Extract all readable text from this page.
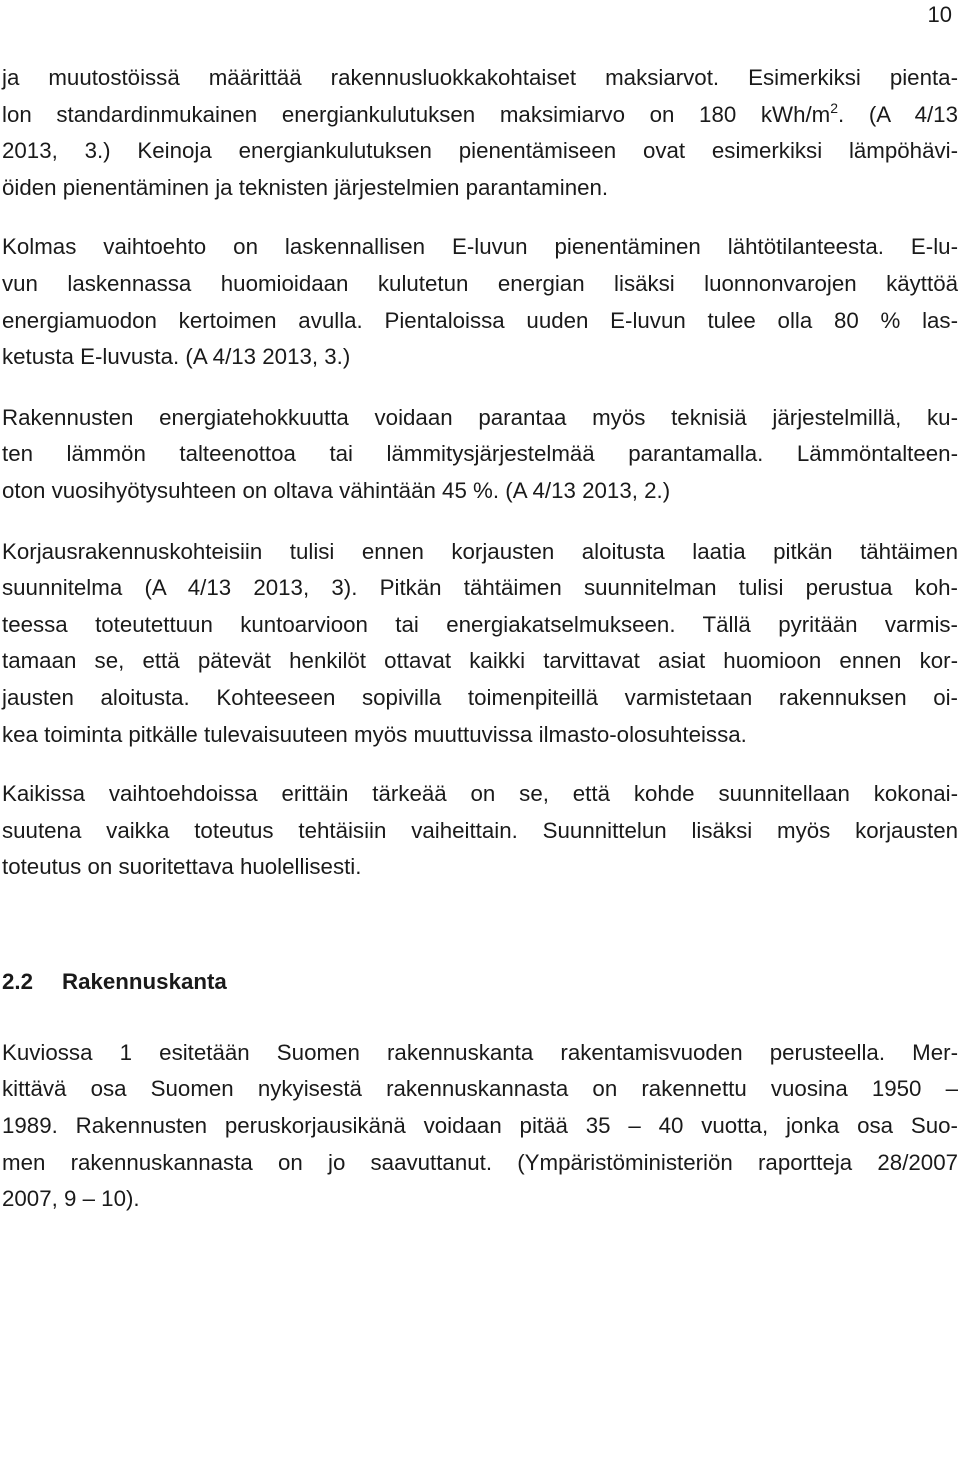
10

ja muutostöissä määrittää rakennusluokkakohtaiset maksiarvot. Esimerkiksi pienta-
lon standardinmukainen energiankulutuksen maksimiarvo on 180 kWh/$m^2$. (A 4/13
2013, 3.) Keinoja energiankulutuksen pienentämiseen ovat esimerkiksi lämpöhävi-
öiden pienentäminen ja teknisten järjestelmien parantaminen.

Kolmas vaihtoehto on laskennallisen E-luvun pienentäminen lähtötilanteesta. E-lu-
vun laskennassa huomioidaan kulutetun energian lisäksi luonnonvarojen käyttöä
energiamuodon kertoimen avulla. Pientaloissa uuden E-luvun tulee olla 80 % las-
ketusta E-luvusta. (A 4/13 2013, 3.)

Rakennusten energiatehokkuutta voidaan parantaa myös teknisiä järjestelmillä, ku-
ten lämmön talteenottoa tai lämmitysjärjestelmää parantamalla. Lämmöntalteen-
oton vuosihyötysuhteen on oltava vähintään 45 %. (A 4/13 2013, 2.)

Korjausrakennuskohteisiin tulisi ennen korjausten aloitusta laatia pitkän tähtäimen
suunnitelma (A 4/13 2013, 3). Pitkän tähtäimen suunnitelman tulisi perustua koh-
teessa toteutettuun kuntoarvioon tai energiakatselmukseen. Tällä pyritään varmis-
tamaan se, että pätevät henkilöt ottavat kaikki tarvittavat asiat huomioon ennen kor-
jausten aloitusta. Kohteeseen sopivilla toimenpiteillä varmistetaan rakennuksen oi-
kea toiminta pitkälle tulevaisuuteen myös muuttuvissa ilmasto-olosuhteissa.

Kaikissa vaihtoehdoissa erittäin tärkeää on se, että kohde suunnitellaan kokonai-
suutena vaikka toteutus tehtäisiin vaiheittain. Suunnittelun lisäksi myös korjausten
toteutus on suoritettava huolellisesti.

2.2 Rakennuskanta

Kuviossa 1 esitetään Suomen rakennuskanta rakentamisvuoden perusteella. Mer-
kittävä osa Suomen nykyisestä rakennuskannasta on rakennettu vuosina 1950 –
1989. Rakennusten peruskorjausikänä voidaan pitää 35 – 40 vuotta, jonka osa Suo-
men rakennuskannasta on jo saavuttanut. (Ympäristöministeriön raportteja 28/2007
2007, 9 – 10).
